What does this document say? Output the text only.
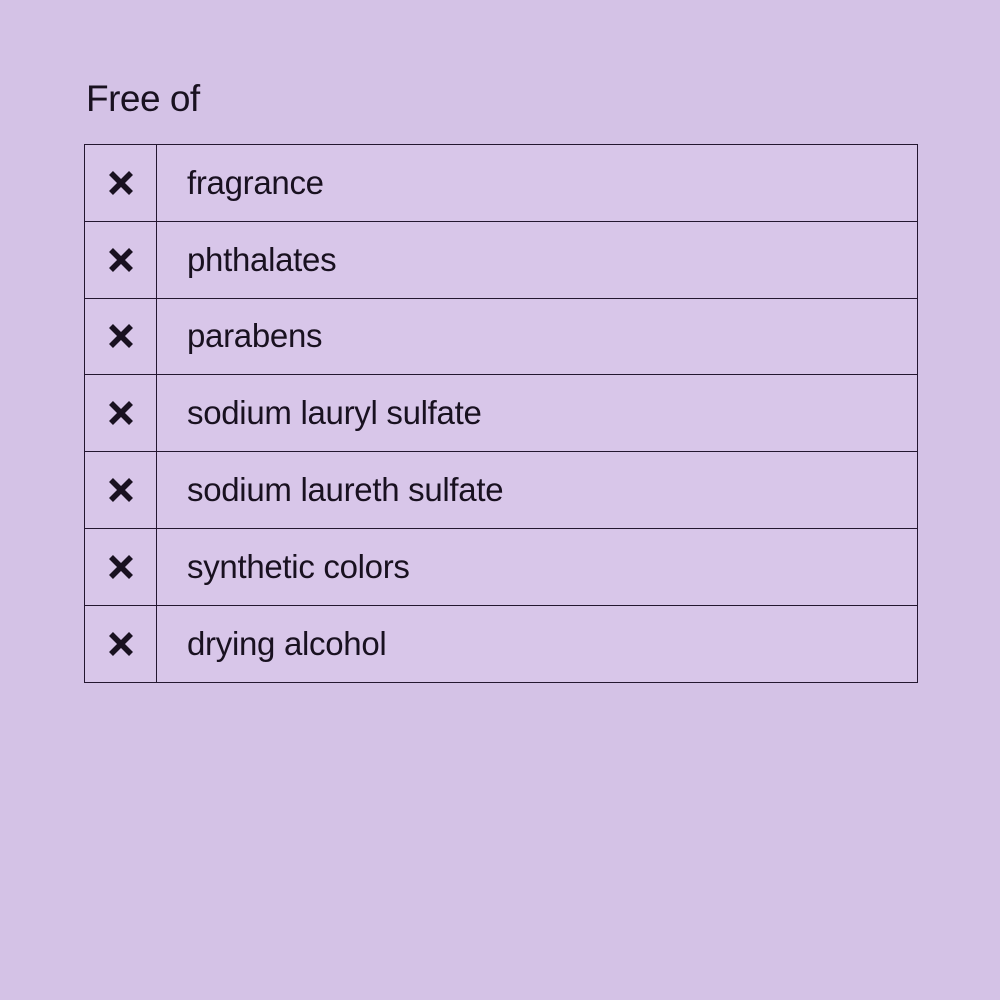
Free of
	fragrance
	phthalates
	parabens
	sodium lauryl sulfate
	sodium laureth sulfate
	synthetic colors
	drying alcohol
